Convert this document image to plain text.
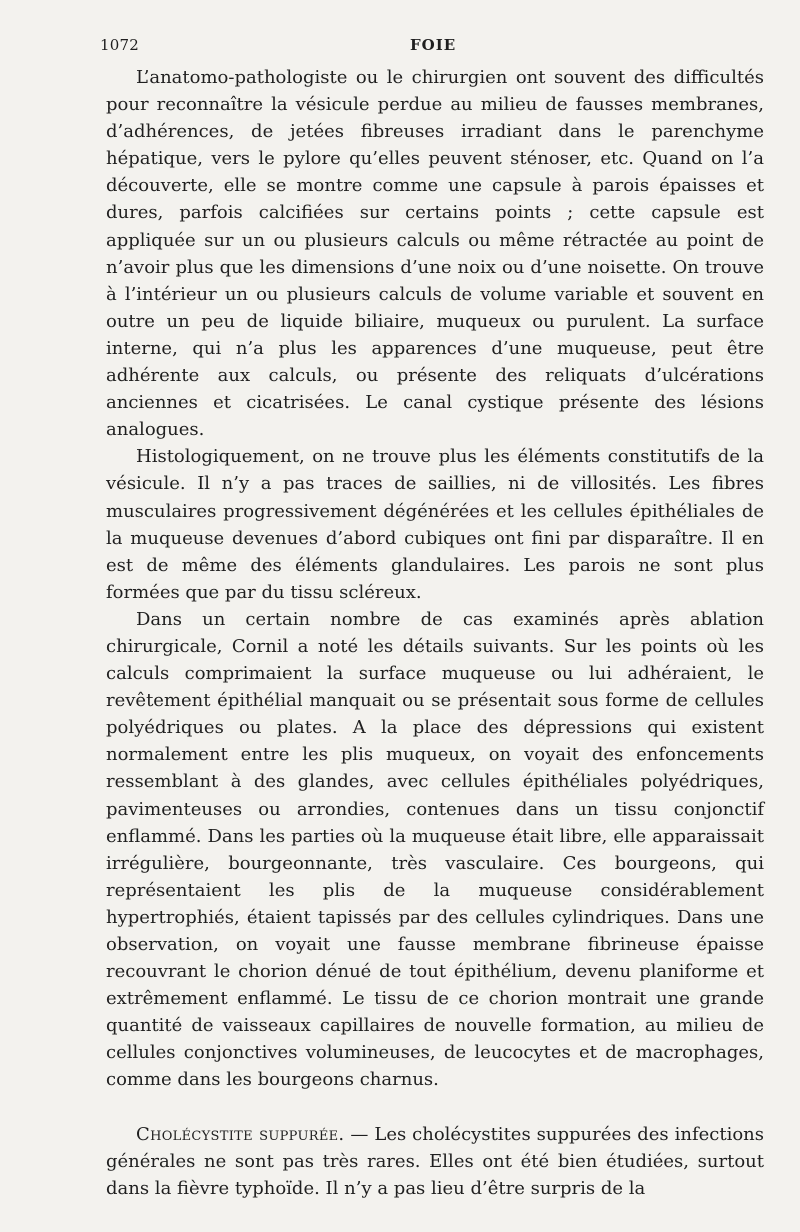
1072	FOIE

L’anatomo-pathologiste ou le chirurgien ont souvent des difficultés pour reconnaître la vésicule perdue au milieu de fausses membranes, d’adhérences, de jetées fibreuses irradiant dans le parenchyme hépatique, vers le pylore qu’elles peuvent sténoser, etc. Quand on l’a découverte, elle se montre comme une capsule à parois épaisses et dures, parfois calcifiées sur certains points ; cette capsule est appliquée sur un ou plusieurs calculs ou même rétractée au point de n’avoir plus que les dimensions d’une noix ou d’une noisette. On trouve à l’intérieur un ou plusieurs calculs de volume variable et souvent en outre un peu de liquide biliaire, muqueux ou purulent. La surface interne, qui n’a plus les apparences d’une muqueuse, peut être adhérente aux calculs, ou présente des reliquats d’ulcérations anciennes et cicatrisées. Le canal cystique présente des lésions analogues.

Histologiquement, on ne trouve plus les éléments constitutifs de la vésicule. Il n’y a pas traces de saillies, ni de villosités. Les fibres musculaires progressivement dégénérées et les cellules épithéliales de la muqueuse devenues d’abord cubiques ont fini par disparaître. Il en est de même des éléments glandulaires. Les parois ne sont plus formées que par du tissu scléreux.

Dans un certain nombre de cas examinés après ablation chirurgicale, Cornil a noté les détails suivants. Sur les points où les calculs comprimaient la surface muqueuse ou lui adhéraient, le revêtement épithélial manquait ou se présentait sous forme de cellules polyédriques ou plates. A la place des dépressions qui existent normalement entre les plis muqueux, on voyait des enfoncements ressemblant à des glandes, avec cellules épithéliales polyédriques, pavimenteuses ou arrondies, contenues dans un tissu conjonctif enflammé. Dans les parties où la muqueuse était libre, elle apparaissait irrégulière, bourgeonnante, très vasculaire. Ces bourgeons, qui représentaient les plis de la muqueuse considérablement hypertrophiés, étaient tapissés par des cellules cylindriques. Dans une observation, on voyait une fausse membrane fibrineuse épaisse recouvrant le chorion dénué de tout épithélium, devenu planiforme et extrêmement enflammé. Le tissu de ce chorion montrait une grande quantité de vaisseaux capillaires de nouvelle formation, au milieu de cellules conjonctives volumineuses, de leucocytes et de macrophages, comme dans les bourgeons charnus.

Cholécystite suppurée. — Les cholécystites suppurées des infections générales ne sont pas très rares. Elles ont été bien étudiées, surtout dans la fièvre typhoïde. Il n’y a pas lieu d’être surpris de la
